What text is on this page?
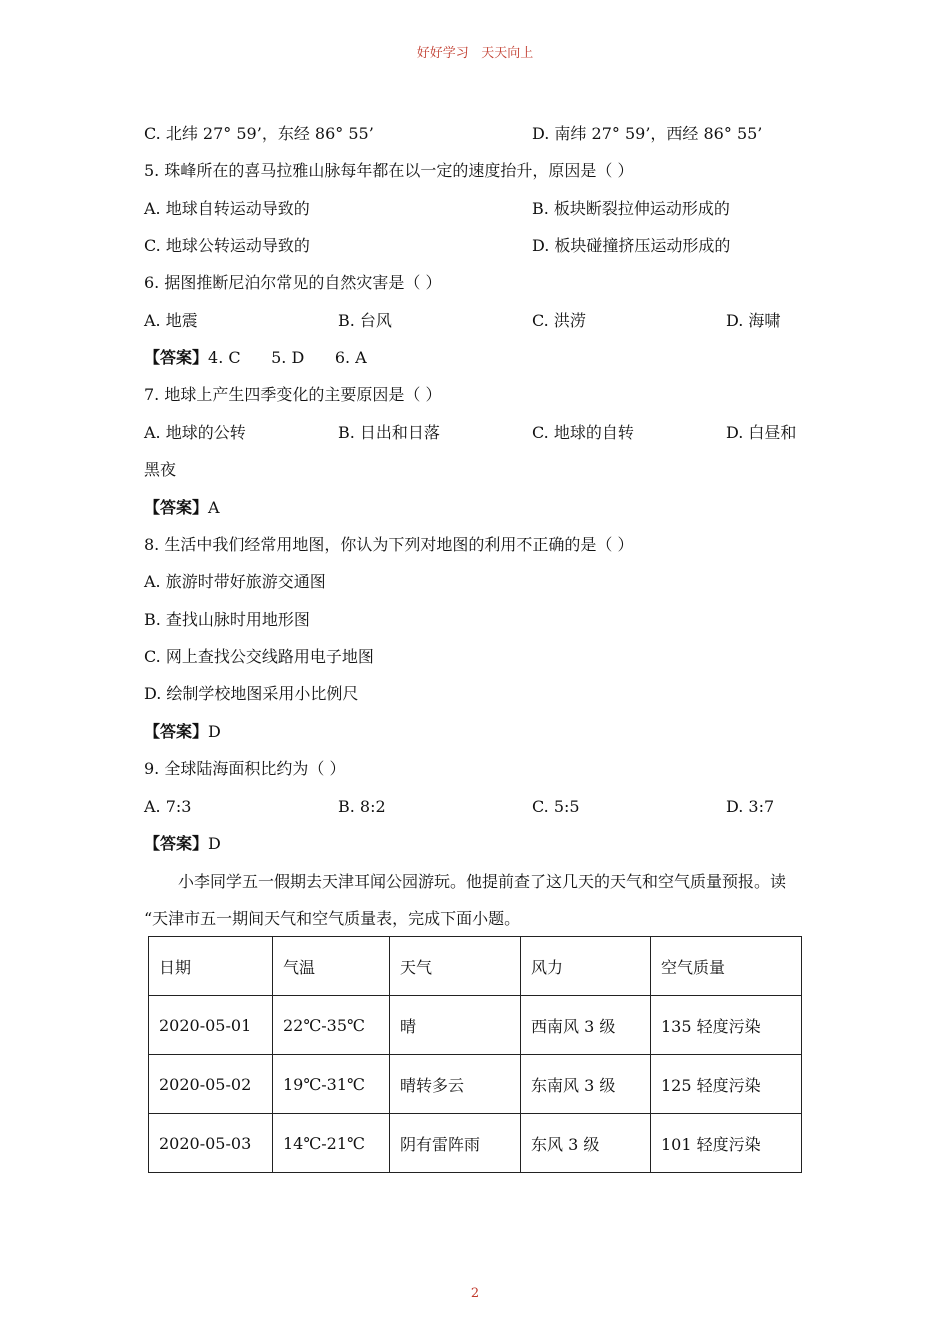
好好学习 天天向上
C. 北纬 27° 59’，东经 86° 55’	D. 南纬 27° 59’，西经 86° 55’
5. 珠峰所在的喜马拉雅山脉每年都在以一定的速度抬升，原因是（ ）
A. 地球自转运动导致的	B. 板块断裂拉伸运动形成的
C. 地球公转运动导致的	D. 板块碰撞挤压运动形成的
6. 据图推断尼泊尔常见的自然灾害是（ ）
A. 地震	B. 台风	C. 洪涝	D. 海啸
【答案】4. C      5. D      6. A
7. 地球上产生四季变化的主要原因是（ ）
A. 地球的公转	B. 日出和日落	C. 地球的自转	D. 白昼和
黑夜
【答案】A
8. 生活中我们经常用地图，你认为下列对地图的利用不正确的是（ ）
A. 旅游时带好旅游交通图
B. 查找山脉时用地形图
C. 网上查找公交线路用电子地图
D. 绘制学校地图采用小比例尺
【答案】D
9. 全球陆海面积比约为（ ）
A. 7:3	B. 8:2	C. 5:5	D. 3:7
【答案】D
小李同学五一假期去天津耳闻公园游玩。他提前查了这几天的天气和空气质量预报。读
“天津市五一期间天气和空气质量表，完成下面小题。
日期	气温	天气	风力	空气质量
2020-05-01	22℃-35℃	晴	西南风 3 级	135 轻度污染
2020-05-02	19℃-31℃	晴转多云	东南风 3 级	125 轻度污染
2020-05-03	14℃-21℃	阴有雷阵雨	东风 3 级	101 轻度污染
2
